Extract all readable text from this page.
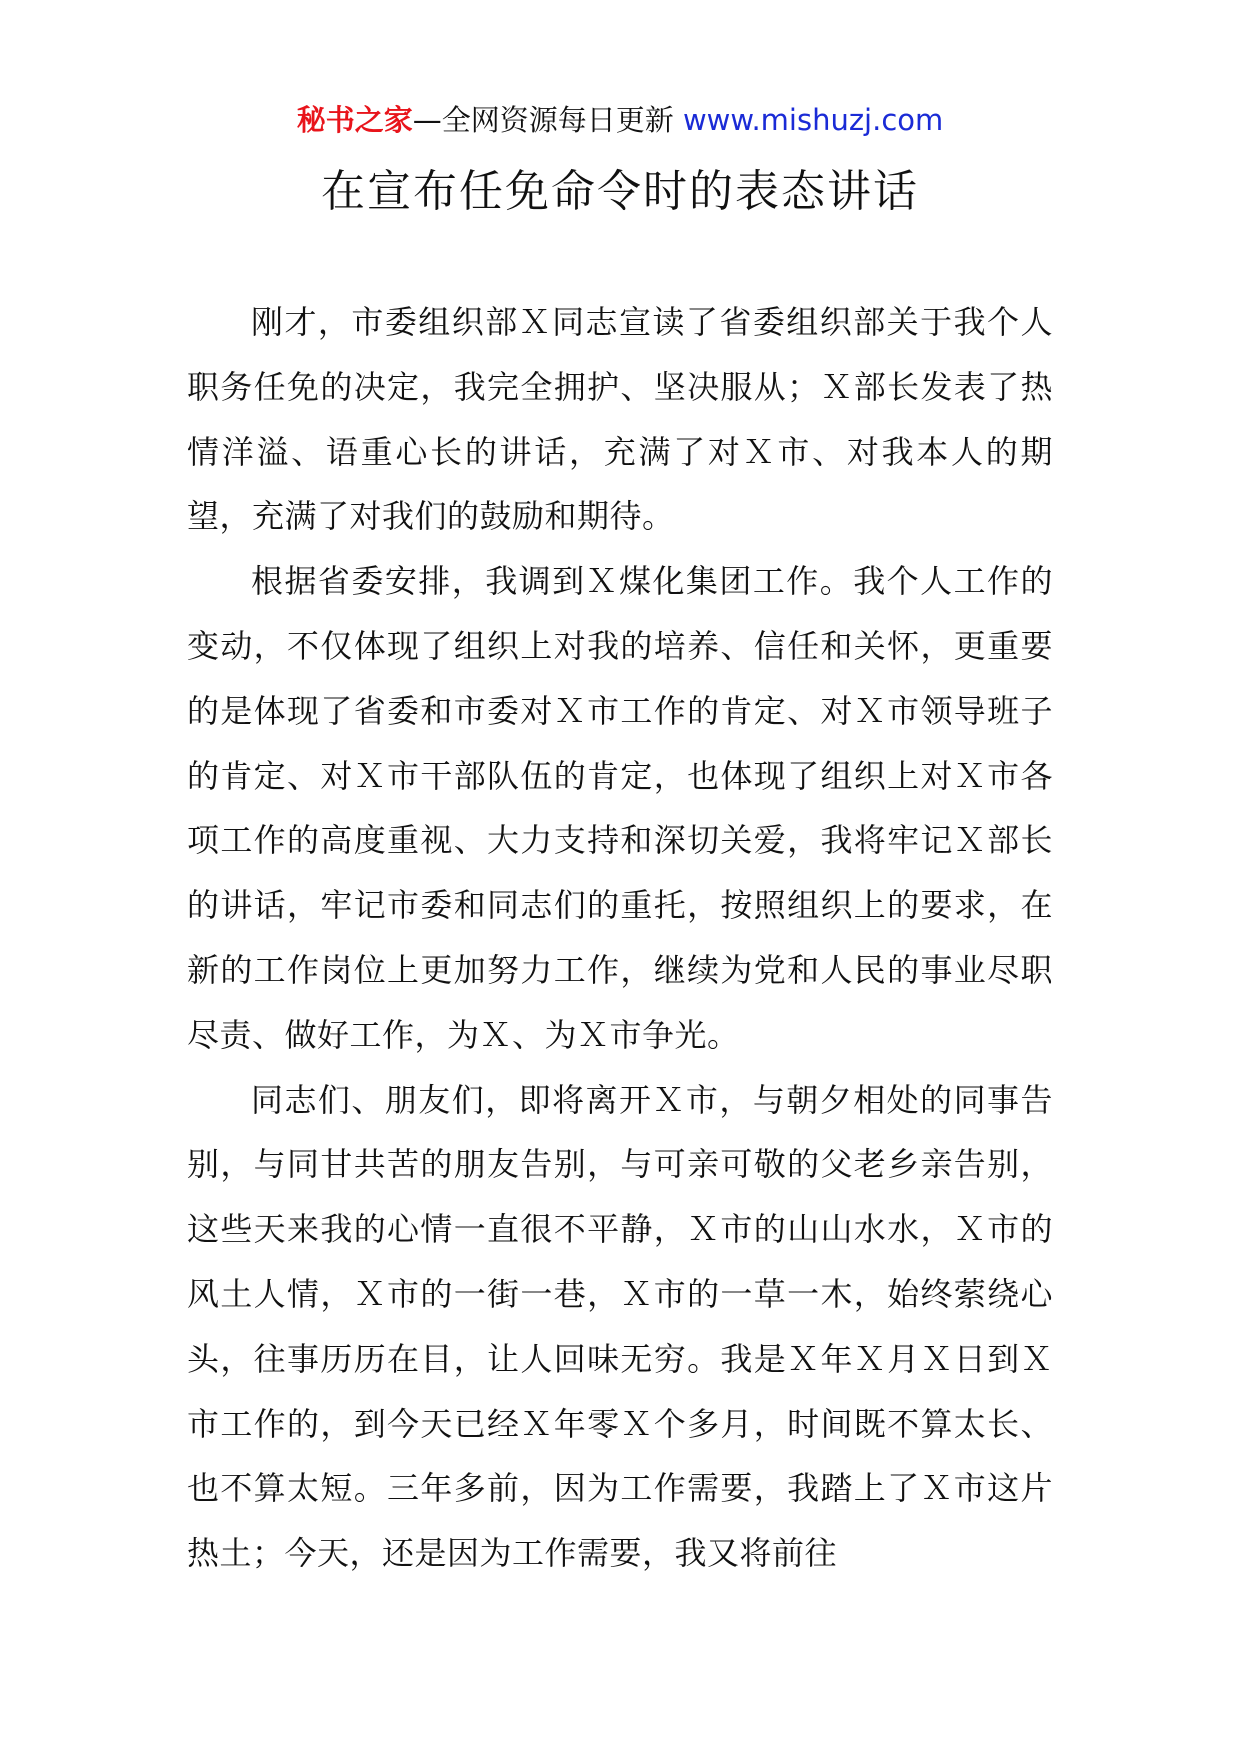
秘书之家—全网资源每日更新 www.mishuzj.com
在宣布任免命令时的表态讲话

刚才，市委组织部Ｘ同志宣读了省委组织部关于我个人职务任免的决定，我完全拥护、坚决服从；Ｘ部长发表了热情洋溢、语重心长的讲话，充满了对Ｘ市、对我本人的期望，充满了对我们的鼓励和期待。

根据省委安排，我调到Ｘ煤化集团工作。我个人工作的变动，不仅体现了组织上对我的培养、信任和关怀，更重要的是体现了省委和市委对Ｘ市工作的肯定、对Ｘ市领导班子的肯定、对Ｘ市干部队伍的肯定，也体现了组织上对Ｘ市各项工作的高度重视、大力支持和深切关爱，我将牢记Ｘ部长的讲话，牢记市委和同志们的重托，按照组织上的要求，在新的工作岗位上更加努力工作，继续为党和人民的事业尽职尽责、做好工作，为Ｘ、为Ｘ市争光。

同志们、朋友们，即将离开Ｘ市，与朝夕相处的同事告别，与同甘共苦的朋友告别，与可亲可敬的父老乡亲告别，这些天来我的心情一直很不平静，Ｘ市的山山水水，Ｘ市的风土人情，Ｘ市的一街一巷，Ｘ市的一草一木，始终萦绕心头，往事历历在目，让人回味无穷。我是Ｘ年Ｘ月Ｘ日到Ｘ市工作的，到今天已经Ｘ年零Ｘ个多月，时间既不算太长、也不算太短。三年多前，因为工作需要，我踏上了Ｘ市这片热土；今天，还是因为工作需要，我又将前往
